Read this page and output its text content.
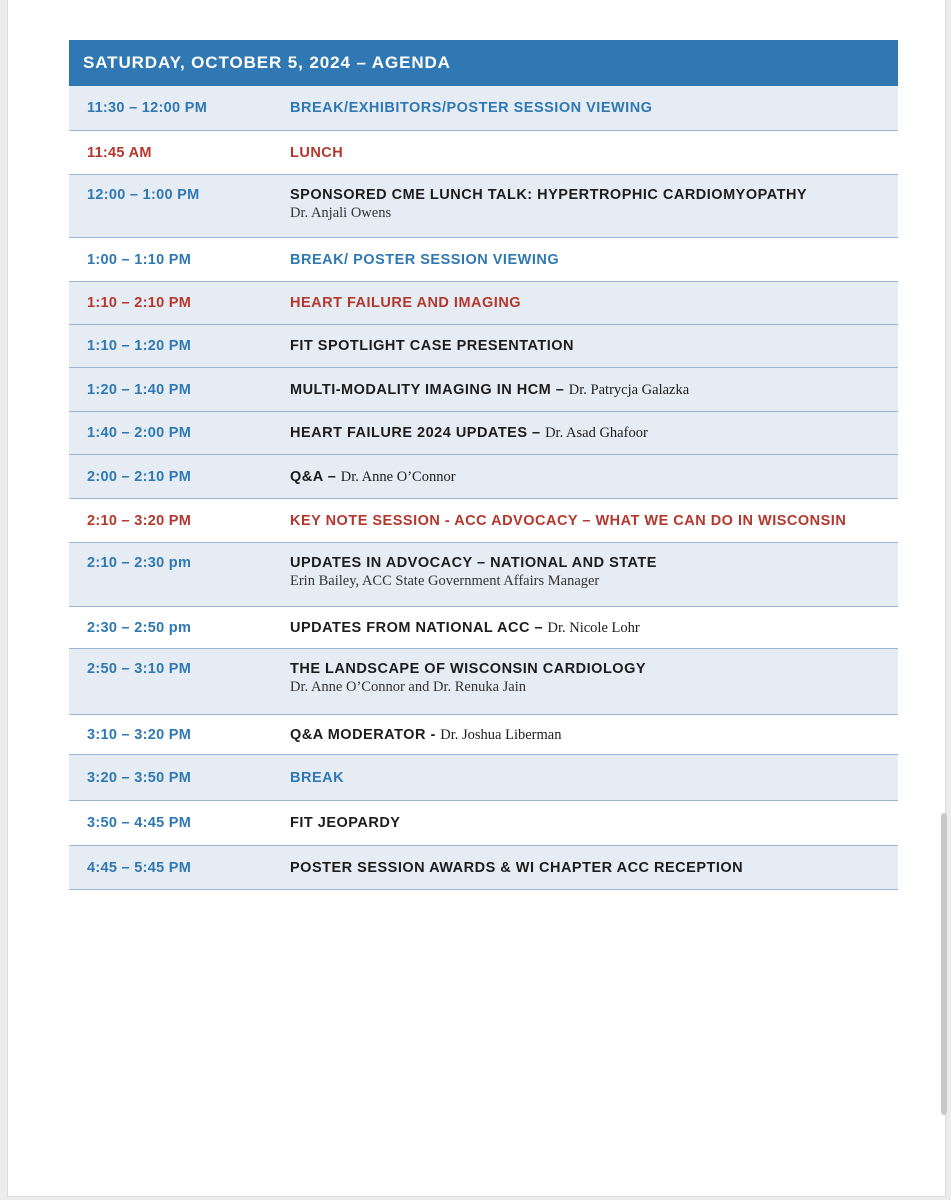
SATURDAY, OCTOBER 5, 2024 – AGENDA
11:30 – 12:00 PM	BREAK/EXHIBITORS/POSTER SESSION VIEWING
11:45 AM	LUNCH
12:00 – 1:00 PM	SPONSORED CME LUNCH TALK: HYPERTROPHIC CARDIOMYOPATHY
Dr. Anjali Owens
1:00 – 1:10 PM	BREAK/ POSTER SESSION VIEWING
1:10 – 2:10 PM	HEART FAILURE AND IMAGING
1:10 – 1:20 PM	FIT SPOTLIGHT CASE PRESENTATION
1:20 – 1:40 PM	MULTI-MODALITY IMAGING IN HCM – Dr. Patrycja Galazka
1:40 – 2:00 PM	HEART FAILURE 2024 UPDATES – Dr. Asad Ghafoor
2:00 – 2:10 PM	Q&A – Dr. Anne O’Connor
2:10 – 3:20 PM	KEY NOTE SESSION - ACC ADVOCACY – WHAT WE CAN DO IN WISCONSIN
2:10 – 2:30 pm	UPDATES IN ADVOCACY – NATIONAL AND STATE
Erin Bailey, ACC State Government Affairs Manager
2:30 – 2:50 pm	UPDATES FROM NATIONAL ACC – Dr. Nicole Lohr
2:50 – 3:10 PM	THE LANDSCAPE OF WISCONSIN CARDIOLOGY
Dr. Anne O’Connor and Dr. Renuka Jain
3:10 – 3:20 PM	Q&A MODERATOR - Dr. Joshua Liberman
3:20 – 3:50 PM	BREAK
3:50 – 4:45 PM	FIT JEOPARDY
4:45 – 5:45 PM	POSTER SESSION AWARDS & WI CHAPTER ACC RECEPTION
